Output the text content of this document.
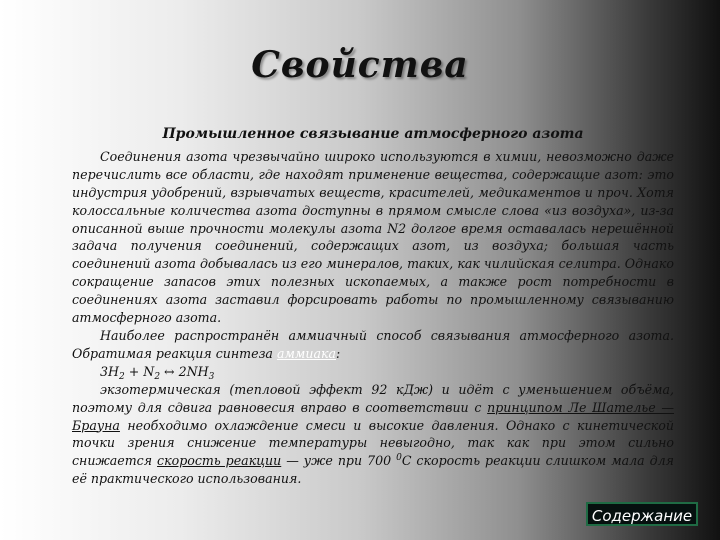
Свойства
Промышленное связывание атмосферного азота

Соединения азота чрезвычайно широко используются в химии, невозможно даже перечислить все области, где находят применение вещества, содержащие азот: это индустрия удобрений, взрывчатых веществ, красителей, медикаментов и проч. Хотя колоссальные количества азота доступны в прямом смысле слова «из воздуха», из-за описанной выше прочности молекулы азота N2 долгое время оставалась нерешённой задача получения соединений, содержащих азот, из воздуха; большая часть соединений азота добывалась из его минералов, таких, как чилийская селитра. Однако сокращение запасов этих полезных ископаемых, а также рост потребности в соединениях азота заставил форсировать работы по промышленному связыванию атмосферного азота.

Наиболее распространён аммиачный способ связывания атмосферного азота. Обратимая реакция синтеза аммиака:

$3H_2 + N_2$ ↔ $2NH_3$

экзотермическая (тепловой эффект 92 кДж) и идёт с уменьшением объёма, поэтому для сдвига равновесия вправо в соответствии с принципом Ле Шателье — Брауна необходимо охлаждение смеси и высокие давления. Однако с кинетической точки зрения снижение температуры невыгодно, так как при этом сильно снижается скорость реакции — уже при 700 $^0$С скорость реакции слишком мала для её практического использования.

Содержание
